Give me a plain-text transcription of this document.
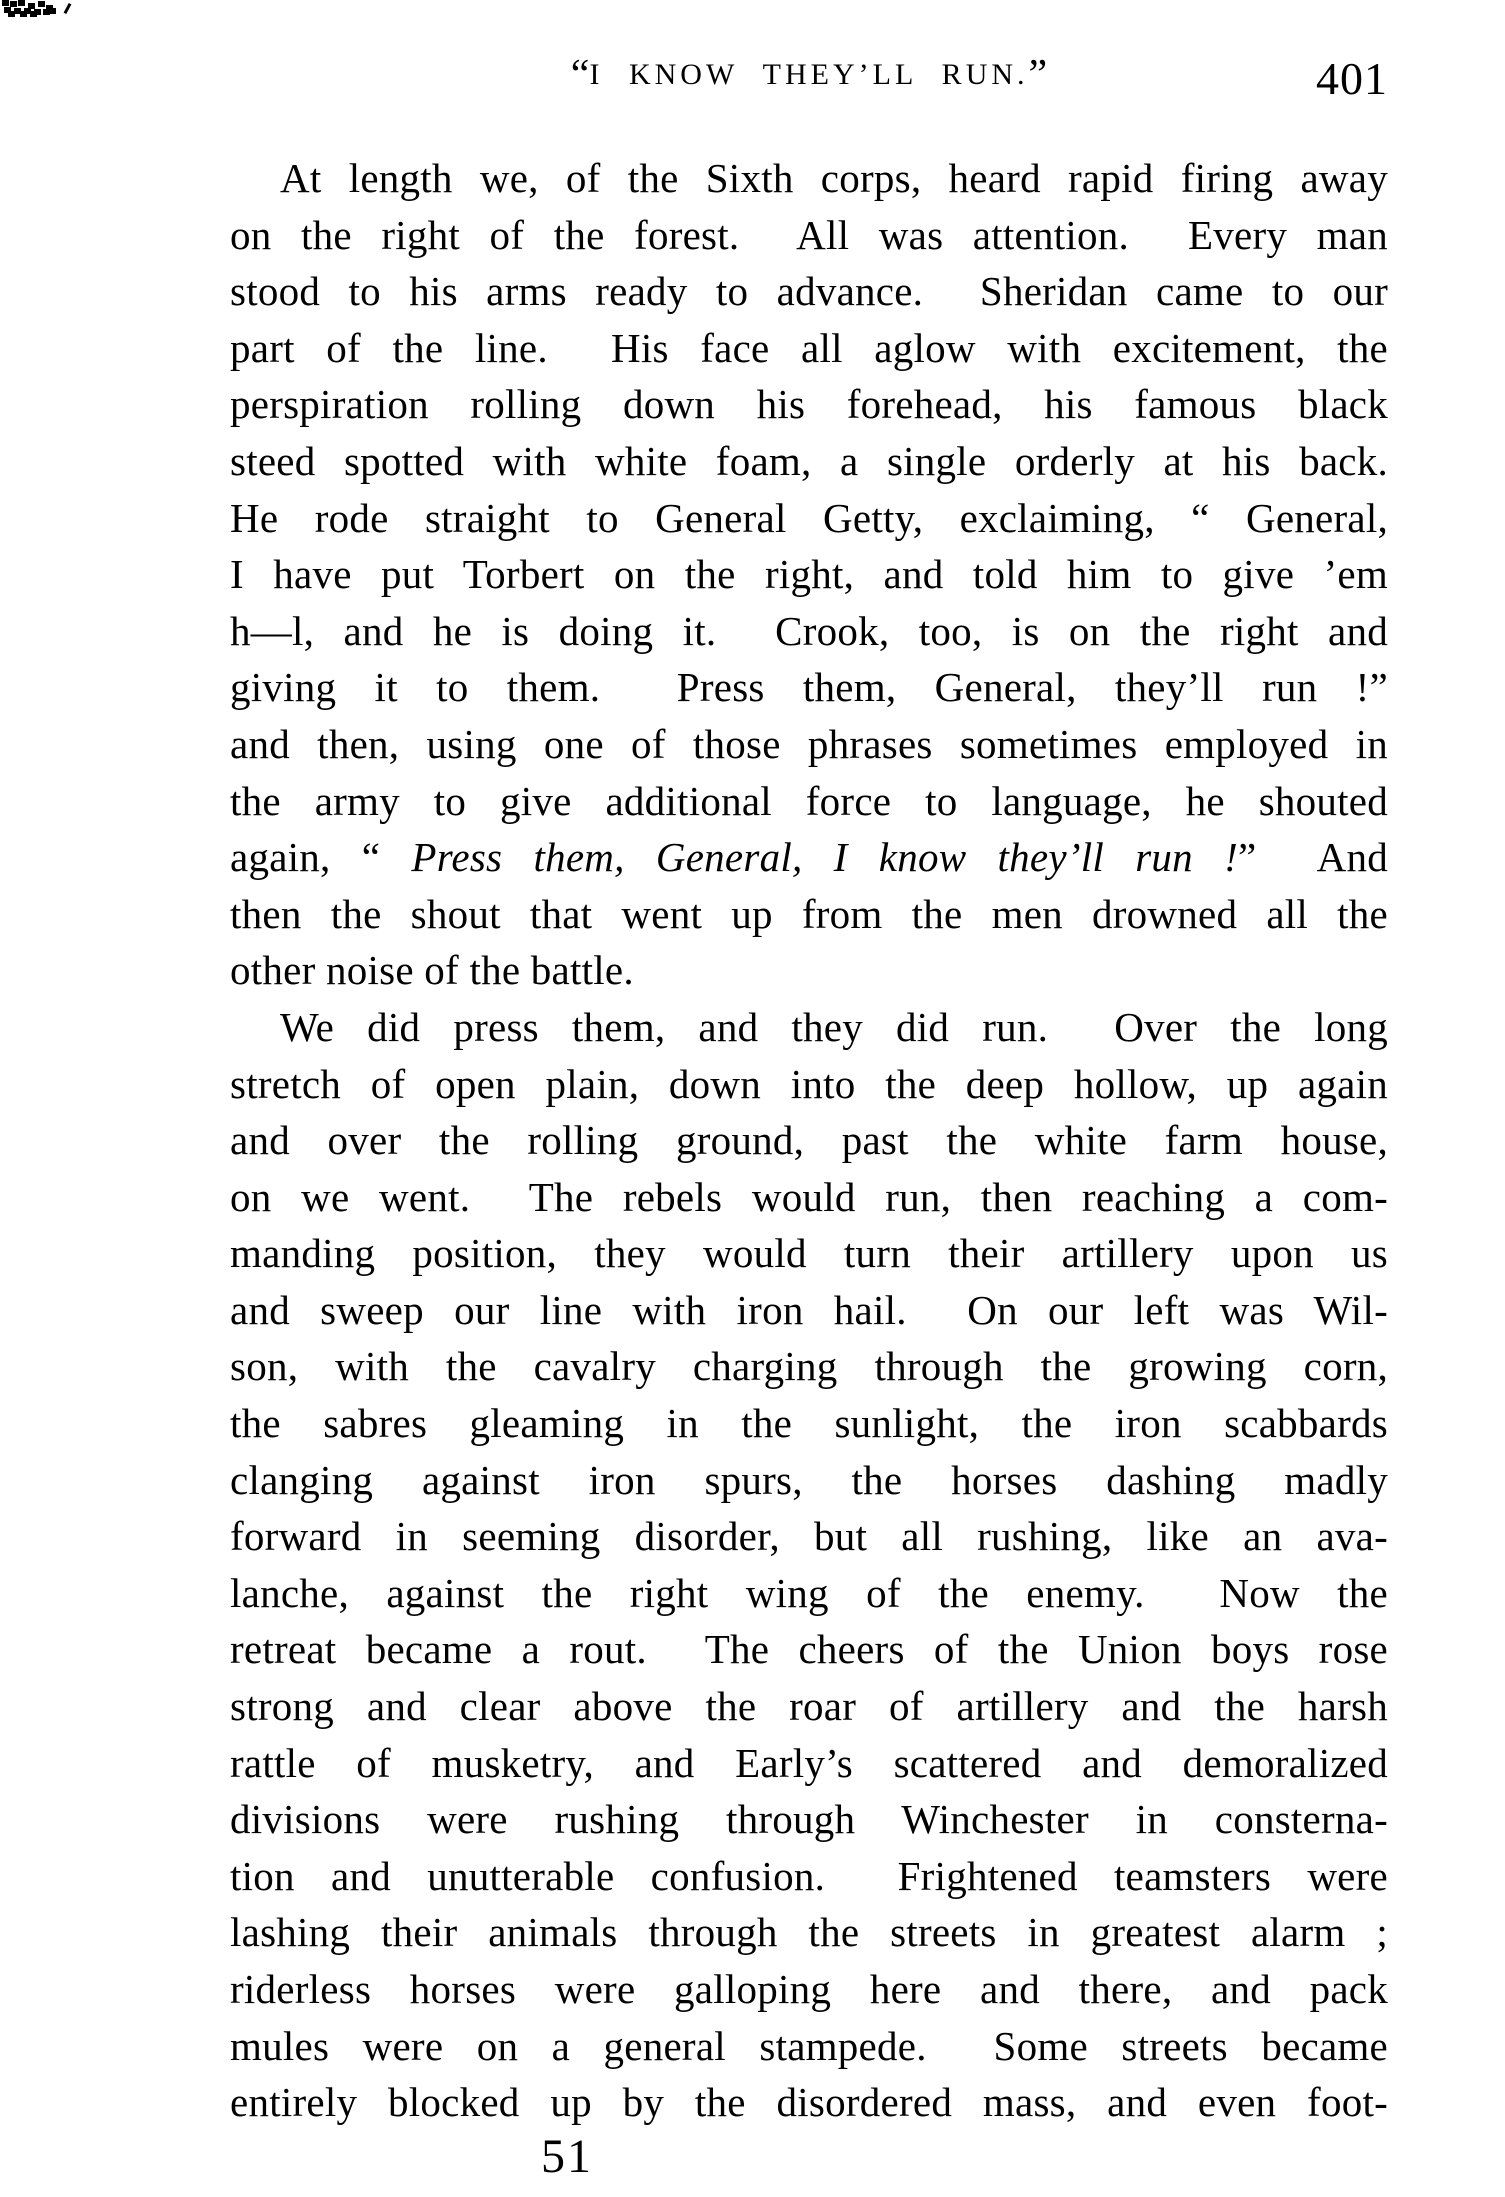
“I KNOW THEY’LL RUN.”	401
At length we, of the Sixth corps, heard rapid firing away
on the right of the forest.  All was attention.  Every man
stood to his arms ready to advance.  Sheridan came to our
part of the line.  His face all aglow with excitement, the
perspiration rolling down his forehead, his famous black
steed spotted with white foam, a single orderly at his back.
He rode straight to General Getty, exclaiming, “ General,
I have put Torbert on the right, and told him to give ’em
h—l, and he is doing it.  Crook, too, is on the right and
giving it to them.  Press them, General, they’ll run !”
and then, using one of those phrases sometimes employed in
the army to give additional force to language, he shouted
again, “ Press them, General, I know they’ll run !”  And
then the shout that went up from the men drowned all the
other noise of the battle.
We did press them, and they did run.  Over the long
stretch of open plain, down into the deep hollow, up again
and over the rolling ground, past the white farm house,
on we went.  The rebels would run, then reaching a com-
manding position, they would turn their artillery upon us
and sweep our line with iron hail.  On our left was Wil-
son, with the cavalry charging through the growing corn,
the sabres gleaming in the sunlight, the iron scabbards
clanging against iron spurs, the horses dashing madly
forward in seeming disorder, but all rushing, like an ava-
lanche, against the right wing of the enemy.  Now the
retreat became a rout.  The cheers of the Union boys rose
strong and clear above the roar of artillery and the harsh
rattle of musketry, and Early’s scattered and demoralized
divisions were rushing through Winchester in consterna-
tion and unutterable confusion.  Frightened teamsters were
lashing their animals through the streets in greatest alarm ;
riderless horses were galloping here and there, and pack
mules were on a general stampede.  Some streets became
entirely blocked up by the disordered mass, and even foot-
51
